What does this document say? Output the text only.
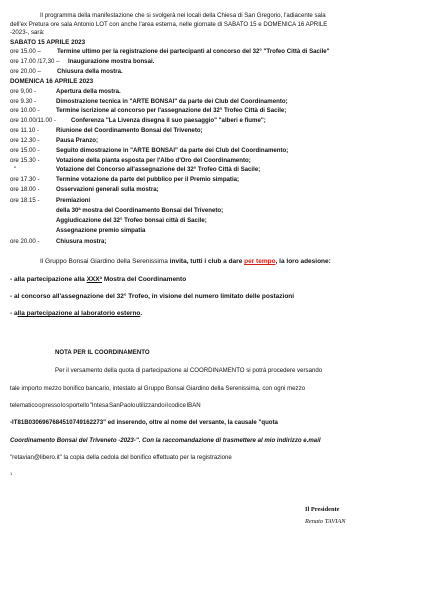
Il programma della manifestazione che si svolgerà nei locali della Chiesa di San Gregorio, l'adiacente sala
dell'ex Pretura ore sala Antonio LOT con anche l'area esterna, nelle giornate di SABATO 15 e DOMENICA 16 APRILE
-2023-, sarà:
SABATO 15 APRILE 2023
ore 15.00 –	Termine ultimo per la registrazione dei partecipanti al concorso del 32° "Trofeo Città di Sacile"
ore 17.00 /17,30 – Inaugurazione mostra bonsai.
ore 20.00 –	Chiusura della mostra.
DOMENICA 16 APRILE 2023
ore 9,00 -	Apertura della mostra.
ore 9.30 -	Dimostrazione tecnica in "ARTE BONSAI" da parte dei Club del Coordinamento;
ore 10.00 -	Termine iscrizione al concorso per l'assegnazione del 32° Trofeo Città di Sacile;
ore 10.00/11.00 - Conferenza "La Livenza disegna il suo paesaggio" "alberi e fiume";
ore 11.10 -	Riunione del Coordinamento Bonsai del Triveneto;
ore 12.30 -	Pausa Pranzo;
ore 15.00 -	Seguito dimostrazione in "ARTE BONSAI" da parte dei Club del Coordinamento;
ore 15.30 -	Votazione della pianta esposta per l'Albo d'Oro del Coordinamento;
"	Votazione del Concorso all'assegnazione del 32° Trofeo Città di Sacile;
ore 17.30 -	Termine votazione da parte del pubblico per il Premio simpatia;
ore 18.00 -	Osservazioni generali sulla mostra;
ore 18.15 -	Premiazioni
della 30ª mostra del Coordinamento Bonsai del Triveneto;
Aggiudicazione del 32° Trofeo bonsai città di Sacile;
Assegnazione premio simpatia
ore 20.00 -	Chiusura mostra;
Il Gruppo Bonsai Giardino della Serenissima invita, tutti i club a dare per tempo, la loro adesione:
- alla partecipazione alla XXXª Mostra del Coordinamento
- al concorso all'assegnazione del 32° Trofeo, in visione del numero limitato delle postazioni
- alla partecipazione al laboratorio esterno.
NOTA PER IL COORDINAMENTO
Per il versamento della quota di partecipazione al COORDINAMENTO si potrà procedere versando
tale importo mezzo bonifico bancario, intestato al Gruppo Bonsai Giardino della Serenissima, con ogni mezzo
telematico o presso lo sportello "Intesa SanPaolo utilizzando il codice IBAN
-IT81B0306967684510749162273" ed inserendo, oltre al nome del versante, la causale "quota
Coordinamento Bonsai del Triveneto -2023-". Con la raccomandazione di trasmettere al mio indirizzo e.mail
"retavian@libero.it" la copia della cedola del bonifico effettuato per la registrazione
1
Il Presidente
Renato TAVIAN
